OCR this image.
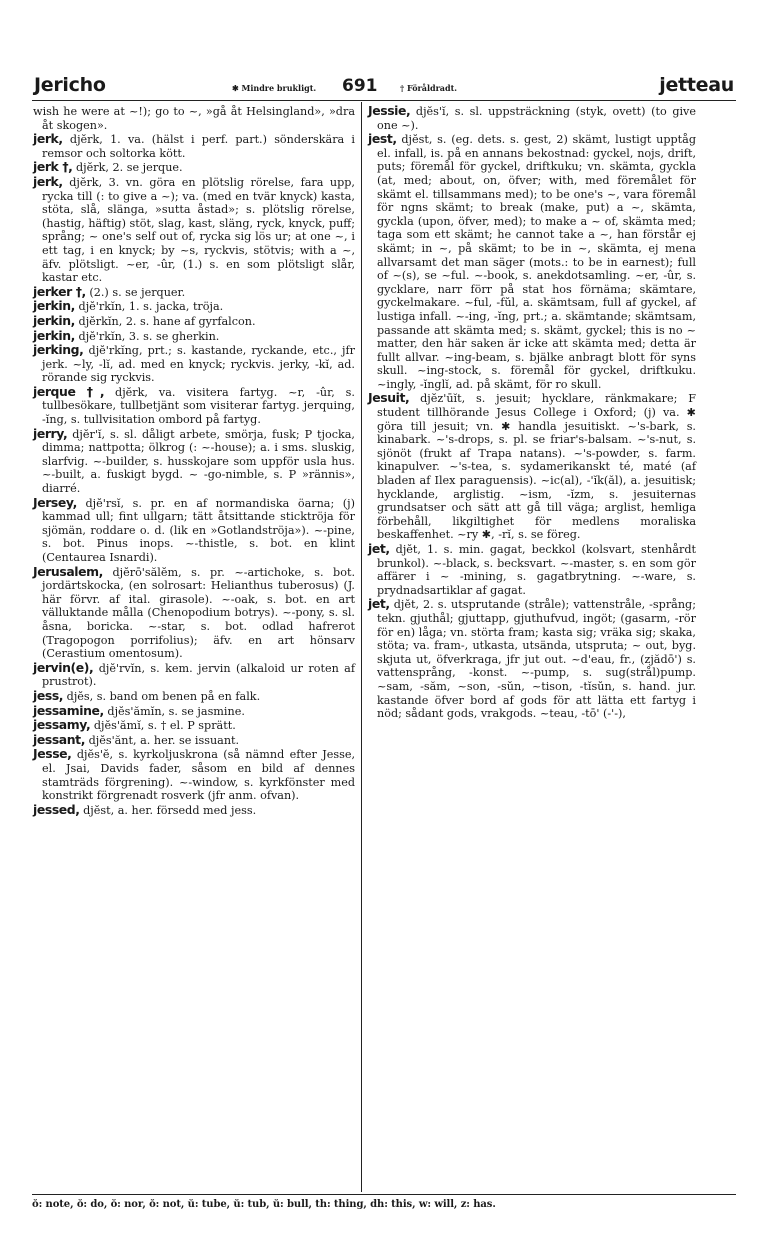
Jericho	✱ Mindre brukligt. 691	† Föråldradt.	jetteau

wish he were at ~!); go to ~, »gå åt Helsingland», »dra åt skogen».

jerk, djĕrk, 1. va. (hälst i perf. part.) sönderskära i remsor och soltorka kött.

jerk †, djĕrk, 2. se jerque.

jerk, djĕrk, 3. vn. göra en plötslig rörelse, fara upp, rycka till (: to give a ~); va. (med en tvär knyck) kasta, stöta, slå, slänga, »sutta åstad»; s. plötslig rörelse, (hastig, häftig) stöt, slag, kast, släng, ryck, knyck, puff; språng; ~ one's self out of, rycka sig lös ur; at one ~, i ett tag, i en knyck; by ~s, ryckvis, stötvis; with a ~, äfv. plötsligt. ~er, -ûr, (1.) s. en som plötsligt slår, kastar etc.

jerker †, (2.) s. se jerquer.

jerkin, djĕ'rkĭn, 1. s. jacka, tröja.

jerkin, djĕrkĭn, 2. s. hane af gyrfalcon.

jerkin, djĕ'rkĭn, 3. s. se gherkin.

jerking, djĕ'rkĭng, prt.; s. kastande, ryckande, etc., jfr jerk. ~ly, -lĭ, ad. med en knyck; ryckvis. jerky, -kĭ, ad. rörande sig ryckvis.

jerque †, djĕrk, va. visitera fartyg. ~r, -ûr, s. tullbesökare, tullbetjänt som visiterar fartyg. jerquing, -ĭng, s. tullvisitation ombord på fartyg.

jerry, djĕr'ĭ, s. sl. dåligt arbete, smörja, fusk; P tjocka, dimma; nattpotta; ölkrog (: ~-house); a. i sms. sluskig, slarfvig. ~-builder, s. husskojare som uppför usla hus. ~-built, a. fuskigt bygd. ~ -go-nimble, s. P »rännis», diarré.

Jersey, djĕ'rsĭ, s. pr. en af normandiska öarna; (j) kammad ull; fint ullgarn; tätt åtsittande sticktröja för sjömän, roddare o. d. (lik en »Gotlandströja»). ~-pine, s. bot. Pinus inops. ~-thistle, s. bot. en klint (Centaurea Isnardi).

Jerusalem, djĕrō'sălĕm, s. pr. ~-artichoke, s. bot. jordärtskocka, (en solrosart: Helianthus tuberosus) (J. här förvr. af ital. girasole). ~-oak, s. bot. en art välluktande målla (Chenopodium botrys). ~-pony, s. sl. åsna, boricka. ~-star, s. bot. odlad hafrerot (Tragopogon porrifolius); äfv. en art hönsarv (Cerastium omentosum).

jervin(e), djĕ'rvĭn, s. kem. jervin (alkaloid ur roten af prustrot).

jess, djĕs, s. band om benen på en falk.

jessamine, djĕs'ămĭn, s. se jasmine.

jessamy, djĕs'ămĭ, s. † el. P sprätt.

jessant, djĕs'ănt, a. her. se issuant.

Jesse, djĕs'ĕ, s. kyrkoljuskrona (så nämnd efter Jesse, el. Jsai, Davids fader, såsom en bild af dennes stamträds förgrening). ~-window, s. kyrkfönster med konstrikt förgrenadt rosverk (jfr anm. ofvan).

jessed, djĕst, a. her. försedd med jess.

Jessie, djĕs'ĭ, s. sl. uppsträckning (styk, ovett) (to give one ~).

jest, djĕst, s. (eg. dets. s. gest, 2) skämt, lustigt upptåg el. infall, is. på en annans bekostnad: gyckel, nojs, drift, puts; föremål för gyckel, driftkuku; vn. skämta, gyckla (at, med; about, on, öfver; with, med föremålet för skämt el. tillsammans med); to be one's ~, vara föremål för ngns skämt; to break (make, put) a ~, skämta, gyckla (upon, öfver, med); to make a ~ of, skämta med; taga som ett skämt; he cannot take a ~, han förstår ej skämt; in ~, på skämt; to be in ~, skämta, ej mena allvarsamt det man säger (mots.: to be in earnest); full of ~(s), se ~ful. ~-book, s. anekdotsamling. ~er, -ûr, s. gycklare, narr förr på stat hos förnäma; skämtare, gyckelmakare. ~ful, -fŭl, a. skämtsam, full af gyckel, af lustiga infall. ~-ing, -ĭng, prt.; a. skämtande; skämtsam, passande att skämta med; s. skämt, gyckel; this is no ~ matter, den här saken är icke att skämta med; detta är fullt allvar. ~ing-beam, s. bjälke anbragt blott för syns skull. ~ing-stock, s. föremål för gyckel, driftkuku. ~ingly, -ĭnglĭ, ad. på skämt, för ro skull.

Jesuit, djĕz'ūĭt, s. jesuit; hycklare, ränkmakare; F student tillhörande Jesus College i Oxford; (j) va. ✱ göra till jesuit; vn. ✱ handla jesuitiskt. ~'s-bark, s. kinabark. ~'s-drops, s. pl. se friar's-balsam. ~'s-nut, s. sjönöt (frukt af Trapa natans). ~'s-powder, s. farm. kinapulver. ~'s-tea, s. sydamerikanskt té, maté (af bladen af Ilex paraguensis). ~ic(al), -'ĭk(ăl), a. jesuitisk; hycklande, arglistig. ~ism, -ĭzm, s. jesuiternas grundsatser och sätt att gå till väga; arglist, hemliga förbehåll, likgiltighet för medlens moraliska beskaffenhet. ~ry ✱, -rĭ, s. se föreg.

jet, djĕt, 1. s. min. gagat, beckkol (kolsvart, stenhårdt brunkol). ~-black, s. becksvart. ~-master, s. en som gör affärer i ~ -mining, s. gagatbrytning. ~-ware, s. prydnadsartiklar af gagat.

jet, djĕt, 2. s. utsprutande (stråle); vattenstråle, -språng; tekn. gjuthål; gjuttapp, gjuthufvud, ingöt; (gasarm, -rör för en) låga; vn. störta fram; kasta sig; vräka sig; skaka, stöta; va. fram-, utkasta, utsända, utspruta; ~ out, byg. skjuta ut, öfverkraga, jfr jut out. ~d'eau, fr., (zjădō') s. vattensprång, -konst. ~-pump, s. sug(strål)pump. ~sam, -săm, ~son, -sŭn, ~tison, -tĭsŭn, s. hand. jur. kastande öfver bord af gods för att lätta ett fartyg i nöd; sådant gods, vrakgods. ~teau, -tō' (-'-),

ŏ: note, ŏ: do, ŏ: nor, ŏ: not, ŭ: tube, ŭ: tub, ŭ: bull, th: thing, dh: this, w: will, z: has.
